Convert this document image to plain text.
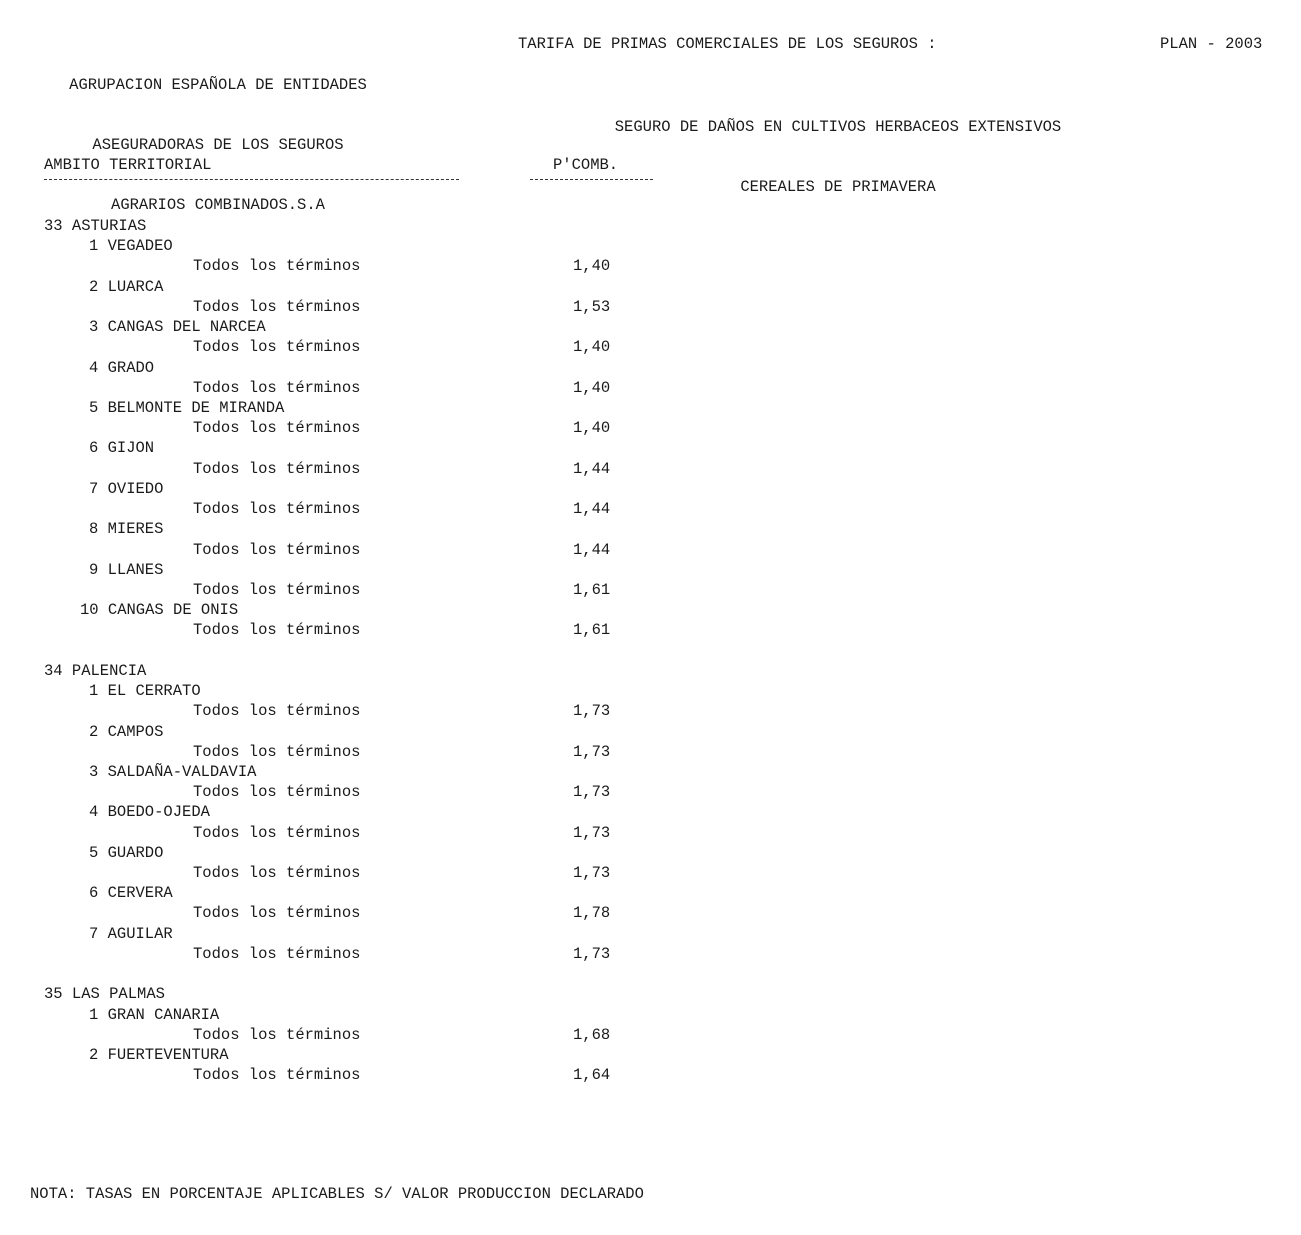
AGRUPACION ESPAÑOLA DE ENTIDADES

ASEGURADORAS DE LOS SEGUROS

AGRARIOS COMBINADOS.S.A

TARIFA DE PRIMAS COMERCIALES DE LOS SEGUROS :	PLAN - 2003

SEGURO DE DAÑOS EN CULTIVOS HERBACEOS EXTENSIVOS

CEREALES DE PRIMAVERA

AMBITO TERRITORIAL	P'COMB.
33 ASTURIAS
1 VEGADEO
Todos los términos	1,40
2 LUARCA
Todos los términos	1,53
3 CANGAS DEL NARCEA
Todos los términos	1,40
4 GRADO
Todos los términos	1,40
5 BELMONTE DE MIRANDA
Todos los términos	1,40
6 GIJON
Todos los términos	1,44
7 OVIEDO
Todos los términos	1,44
8 MIERES
Todos los términos	1,44
9 LLANES
Todos los términos	1,61
10 CANGAS DE ONIS
Todos los términos	1,61
34 PALENCIA
1 EL CERRATO
Todos los términos	1,73
2 CAMPOS
Todos los términos	1,73
3 SALDAÑA-VALDAVIA
Todos los términos	1,73
4 BOEDO-OJEDA
Todos los términos	1,73
5 GUARDO
Todos los términos	1,73
6 CERVERA
Todos los términos	1,78
7 AGUILAR
Todos los términos	1,73
35 LAS PALMAS
1 GRAN CANARIA
Todos los términos	1,68
2 FUERTEVENTURA
Todos los términos	1,64
NOTA: TASAS EN PORCENTAJE APLICABLES S/ VALOR PRODUCCION DECLARADO
